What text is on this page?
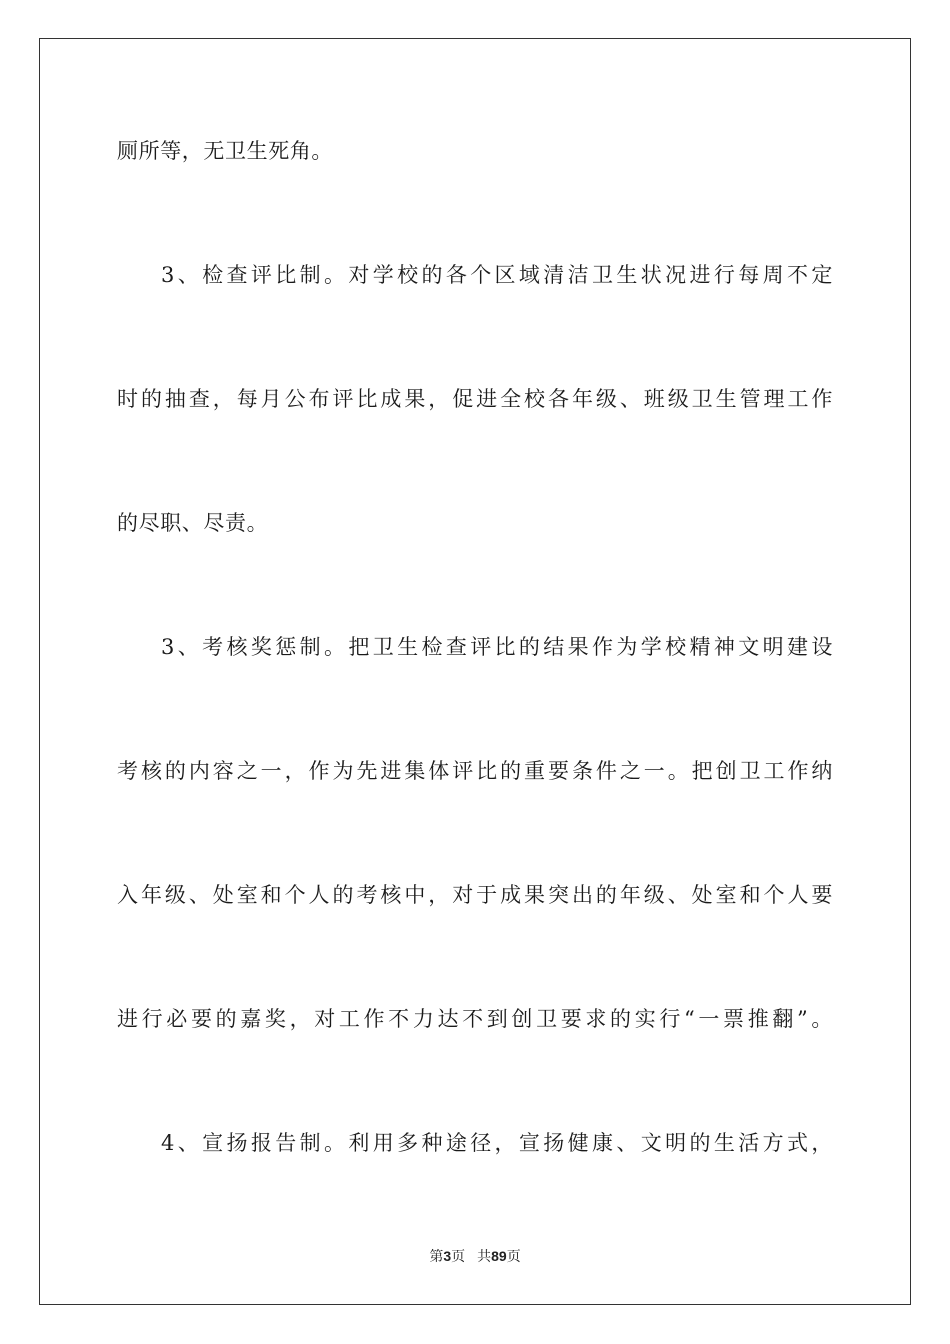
厕所等，无卫生死角。
3、检查评比制。对学校的各个区域清洁卫生状况进行每周不定
时的抽查，每月公布评比成果，促进全校各年级、班级卫生管理工作
的尽职、尽责。
3、考核奖惩制。把卫生检查评比的结果作为学校精神文明建设
考核的内容之一，作为先进集体评比的重要条件之一。把创卫工作纳
入年级、处室和个人的考核中，对于成果突出的年级、处室和个人要
进行必要的嘉奖，对工作不力达不到创卫要求的实行“一票推翻”。
4、宣扬报告制。利用多种途径，宣扬健康、文明的生活方式，
第3页 共89页
